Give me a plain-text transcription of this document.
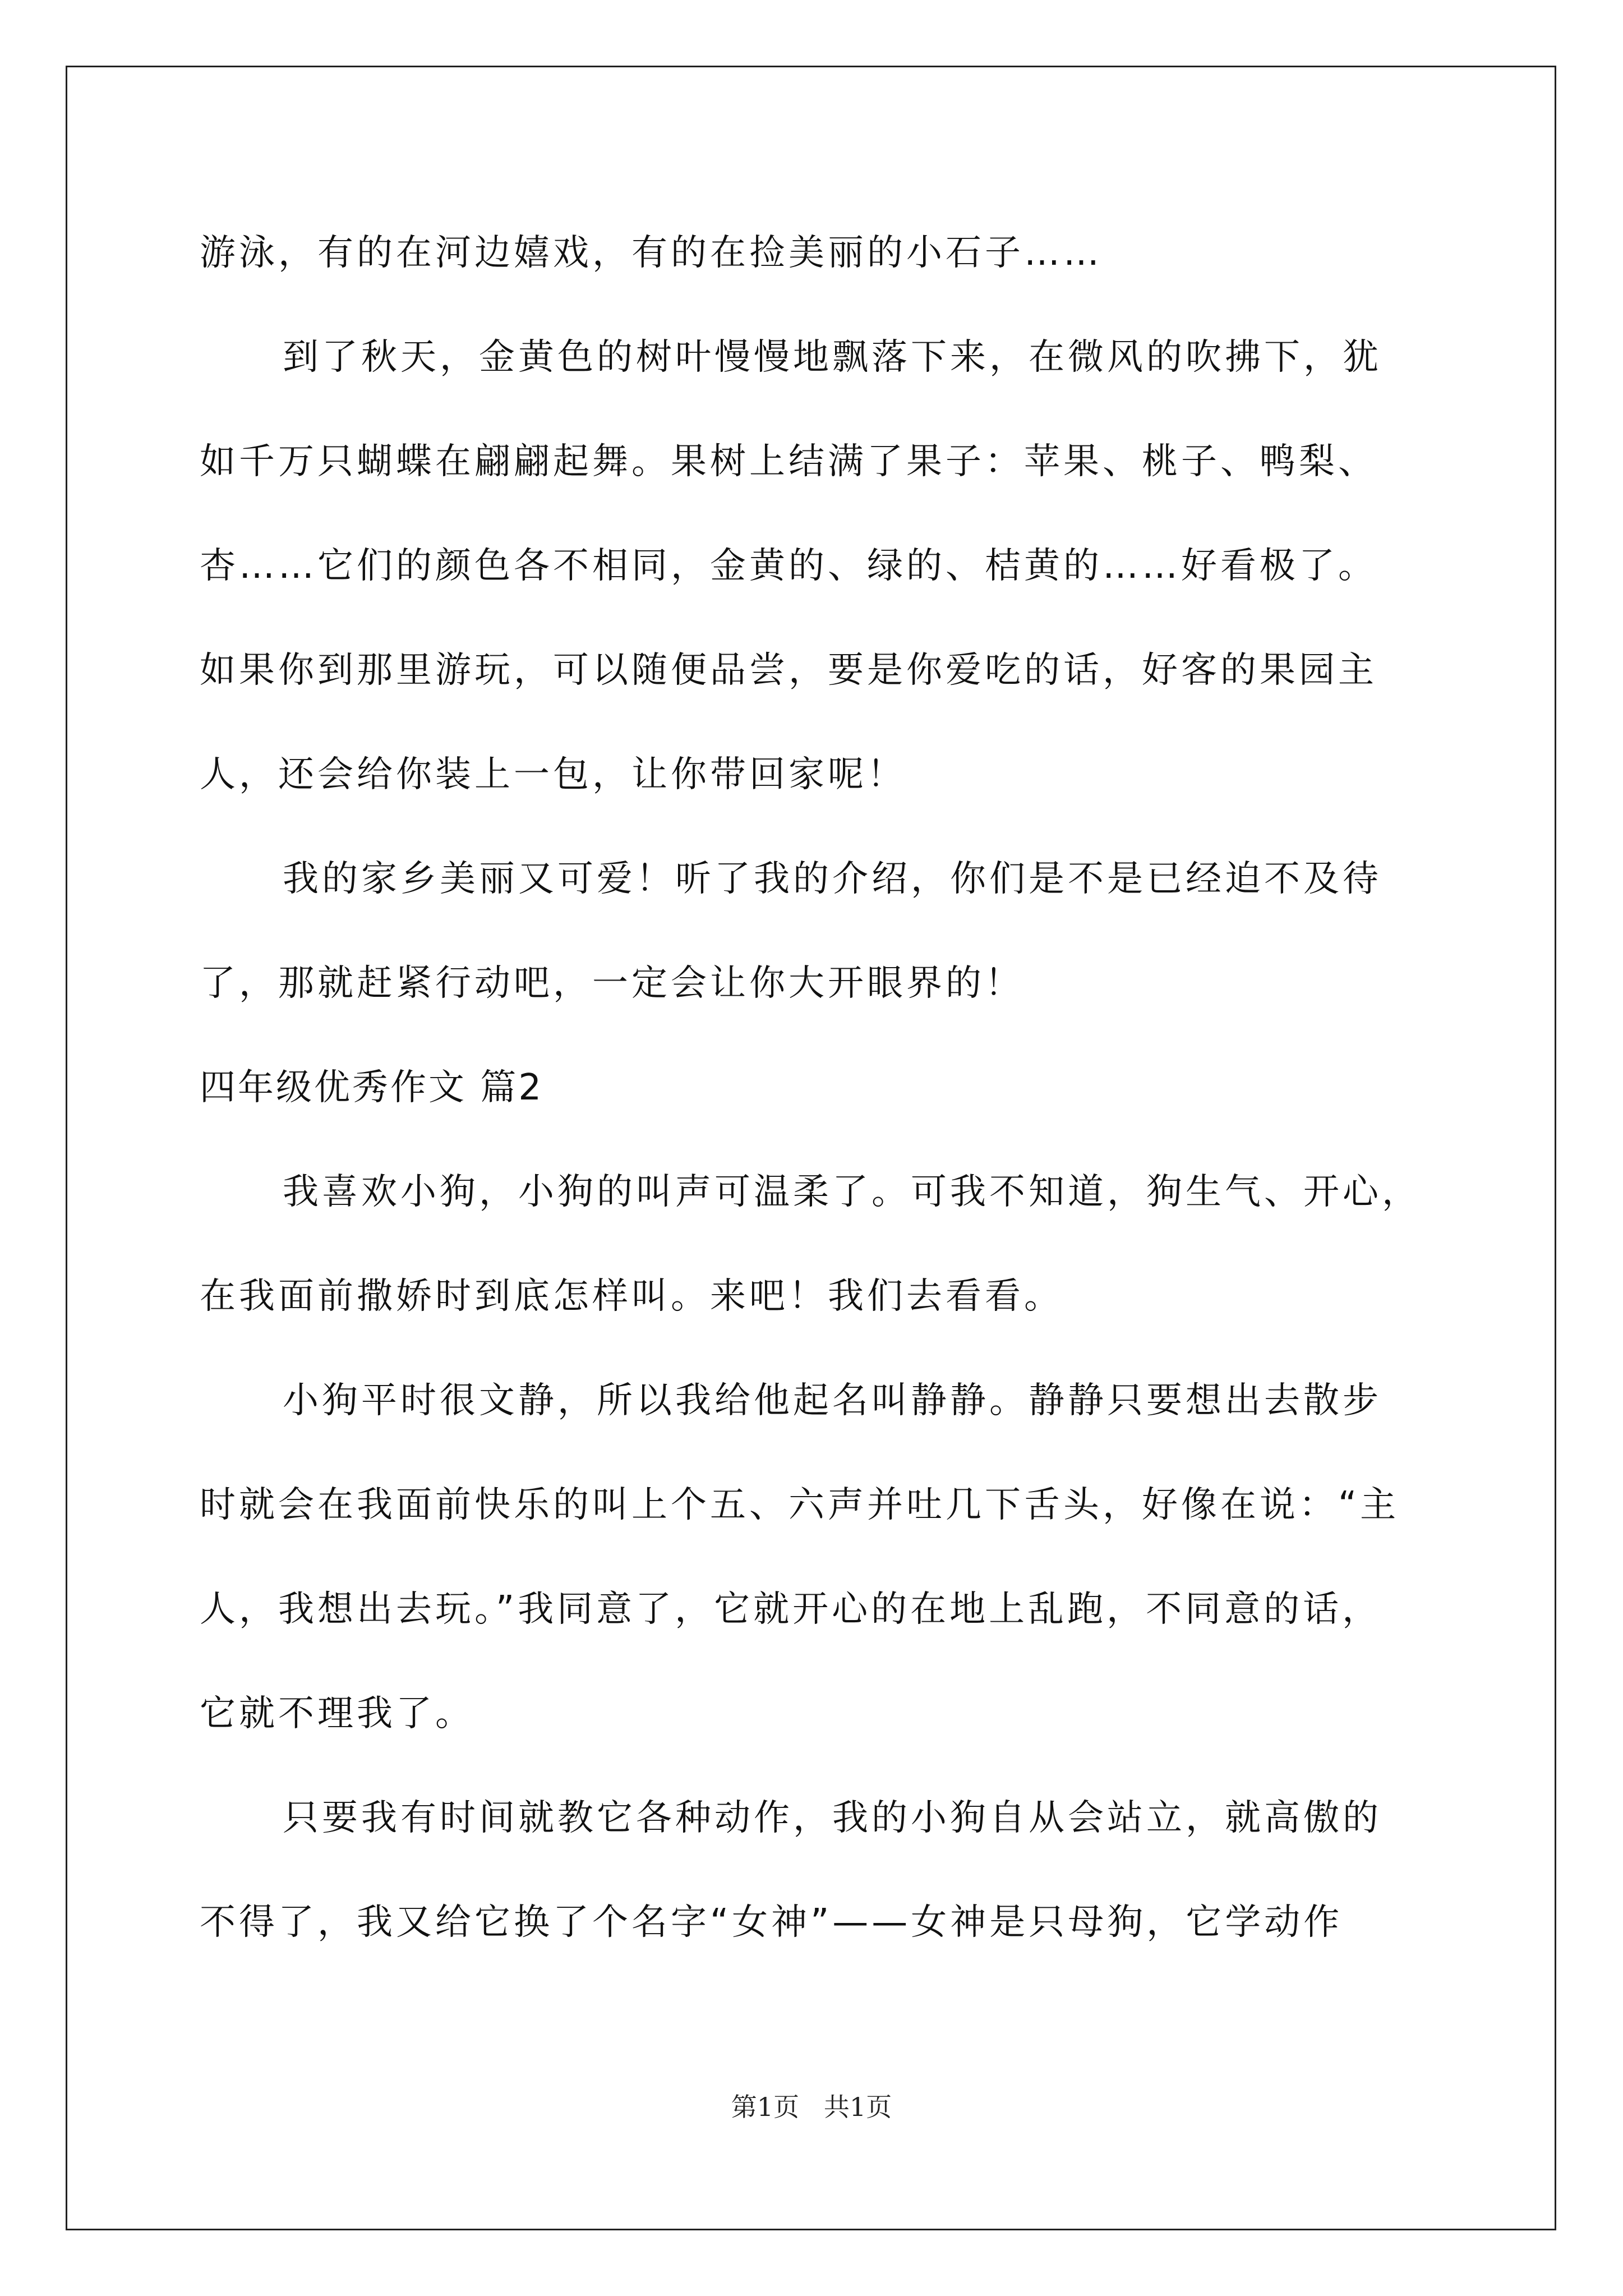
游泳，有的在河边嬉戏，有的在捡美丽的小石子……
到了秋天，金黄色的树叶慢慢地飘落下来，在微风的吹拂下，犹
如千万只蝴蝶在翩翩起舞。果树上结满了果子：苹果、桃子、鸭梨、
杏……它们的颜色各不相同，金黄的、绿的、桔黄的……好看极了。
如果你到那里游玩，可以随便品尝，要是你爱吃的话，好客的果园主
人，还会给你装上一包，让你带回家呢！
我的家乡美丽又可爱！听了我的介绍，你们是不是已经迫不及待
了，那就赶紧行动吧，一定会让你大开眼界的！
四年级优秀作文 篇2
我喜欢小狗，小狗的叫声可温柔了。可我不知道，狗生气、开心，
在我面前撒娇时到底怎样叫。来吧！我们去看看。
小狗平时很文静，所以我给他起名叫静静。静静只要想出去散步
时就会在我面前快乐的叫上个五、六声并吐几下舌头，好像在说：“主
人，我想出去玩。”我同意了，它就开心的在地上乱跑，不同意的话，
它就不理我了。
只要我有时间就教它各种动作，我的小狗自从会站立，就高傲的
不得了，我又给它换了个名字“女神”——女神是只母狗，它学动作
第1页   共1页
